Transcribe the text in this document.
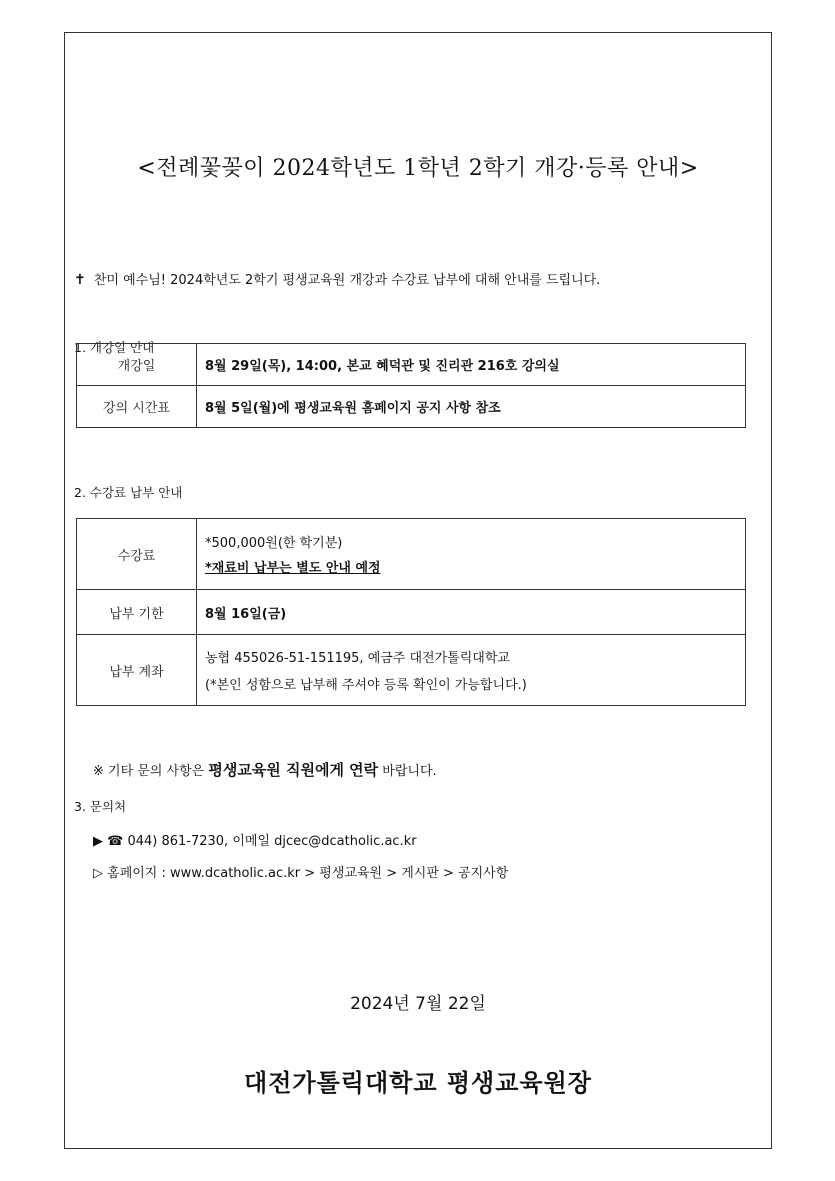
<전례꽃꽂이 2024학년도 1학년 2학기 개강·등록 안내>
✝ 찬미 예수님! 2024학년도 2학기 평생교육원 개강과 수강료 납부에 대해 안내를 드립니다.
1. 개강일 안내
개강일	8월 29일(목), 14:00, 본교 혜덕관 및 진리관 216호 강의실
강의 시간표	8월 5일(월)에 평생교육원 홈페이지 공지 사항 참조
2. 수강료 납부 안내
수강료	*500,000원(한 학기분)
*재료비 납부는 별도 안내 예정

납부 기한	8월 16일(금)
납부 계좌	농협 455026-51-151195, 예금주 대전가톨릭대학교
(*본인 성함으로 납부해 주셔야 등록 확인이 가능합니다.)
※ 기타 문의 사항은 평생교육원 직원에게 연락 바랍니다.
3. 문의처
▶ ☎ 044) 861-7230, 이메일 djcec@dcatholic.ac.kr
▷ 홈페이지 : www.dcatholic.ac.kr > 평생교육원 > 게시판 > 공지사항
2024년 7월 22일
대전가톨릭대학교 평생교육원장
